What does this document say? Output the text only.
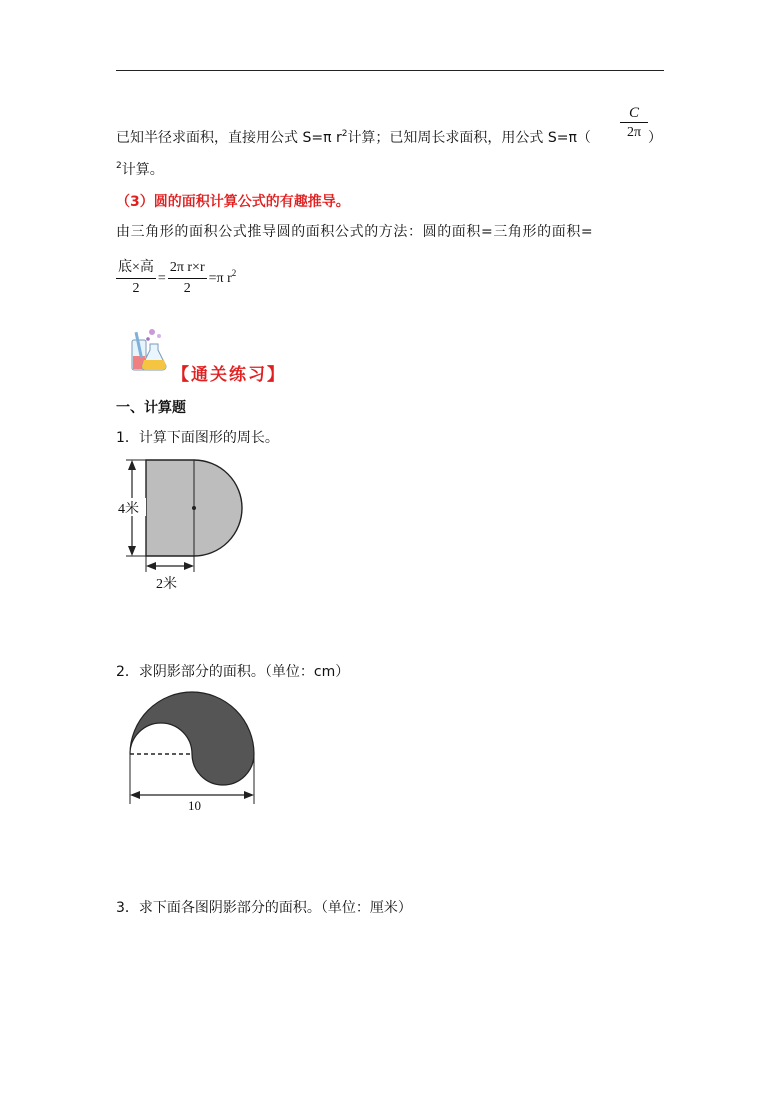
已知半径求面积，直接用公式 S=π $r^2$计算；已知周长求面积，用公式 $S=\pi( \frac{C}{2\pi}$ ）
$^2$计算。
（3）圆的面积计算公式的有趣推导。
由三角形的面积公式推导圆的面积公式的方法：圆的面积=三角形的面积=
$\frac{\text{底×高}}{2} = \frac{\text{2π r×r}}{2} =\pi$ r 2
【通关练习】
一、计算题
1．计算下面图形的周长。
4米
2米
2．求阴影部分的面积。（单位：cm）
10
3．求下面各图阴影部分的面积。（单位：厘米）
